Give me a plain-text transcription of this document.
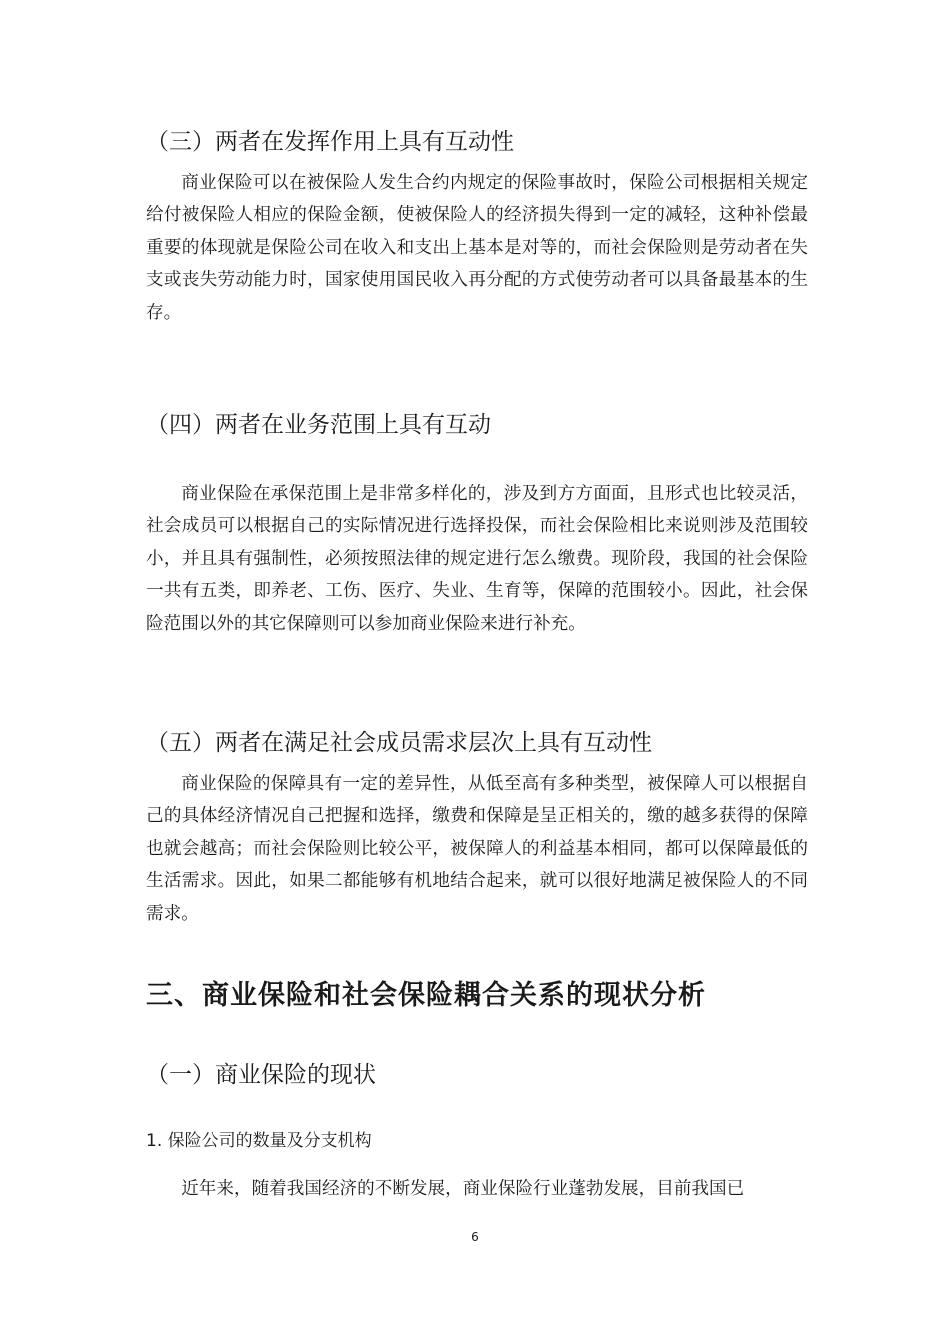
（三）两者在发挥作用上具有互动性
商业保险可以在被保险人发生合约内规定的保险事故时，保险公司根据相关规定给付被保险人相应的保险金额，使被保险人的经济损失得到一定的减轻，这种补偿最重要的体现就是保险公司在收入和支出上基本是对等的，而社会保险则是劳动者在失支或丧失劳动能力时，国家使用国民收入再分配的方式使劳动者可以具备最基本的生存。
（四）两者在业务范围上具有互动
商业保险在承保范围上是非常多样化的，涉及到方方面面，且形式也比较灵活，社会成员可以根据自己的实际情况进行选择投保，而社会保险相比来说则涉及范围较小，并且具有强制性，必须按照法律的规定进行怎么缴费。现阶段，我国的社会保险一共有五类，即养老、工伤、医疗、失业、生育等，保障的范围较小。因此，社会保险范围以外的其它保障则可以参加商业保险来进行补充。
（五）两者在满足社会成员需求层次上具有互动性
商业保险的保障具有一定的差异性，从低至高有多种类型，被保障人可以根据自己的具体经济情况自己把握和选择，缴费和保障是呈正相关的，缴的越多获得的保障也就会越高；而社会保险则比较公平，被保障人的利益基本相同，都可以保障最低的生活需求。因此，如果二都能够有机地结合起来，就可以很好地满足被保险人的不同需求。
三、商业保险和社会保险耦合关系的现状分析
（一）商业保险的现状
1. 保险公司的数量及分支机构
近年来，随着我国经济的不断发展，商业保险行业蓬勃发展，目前我国已
6
